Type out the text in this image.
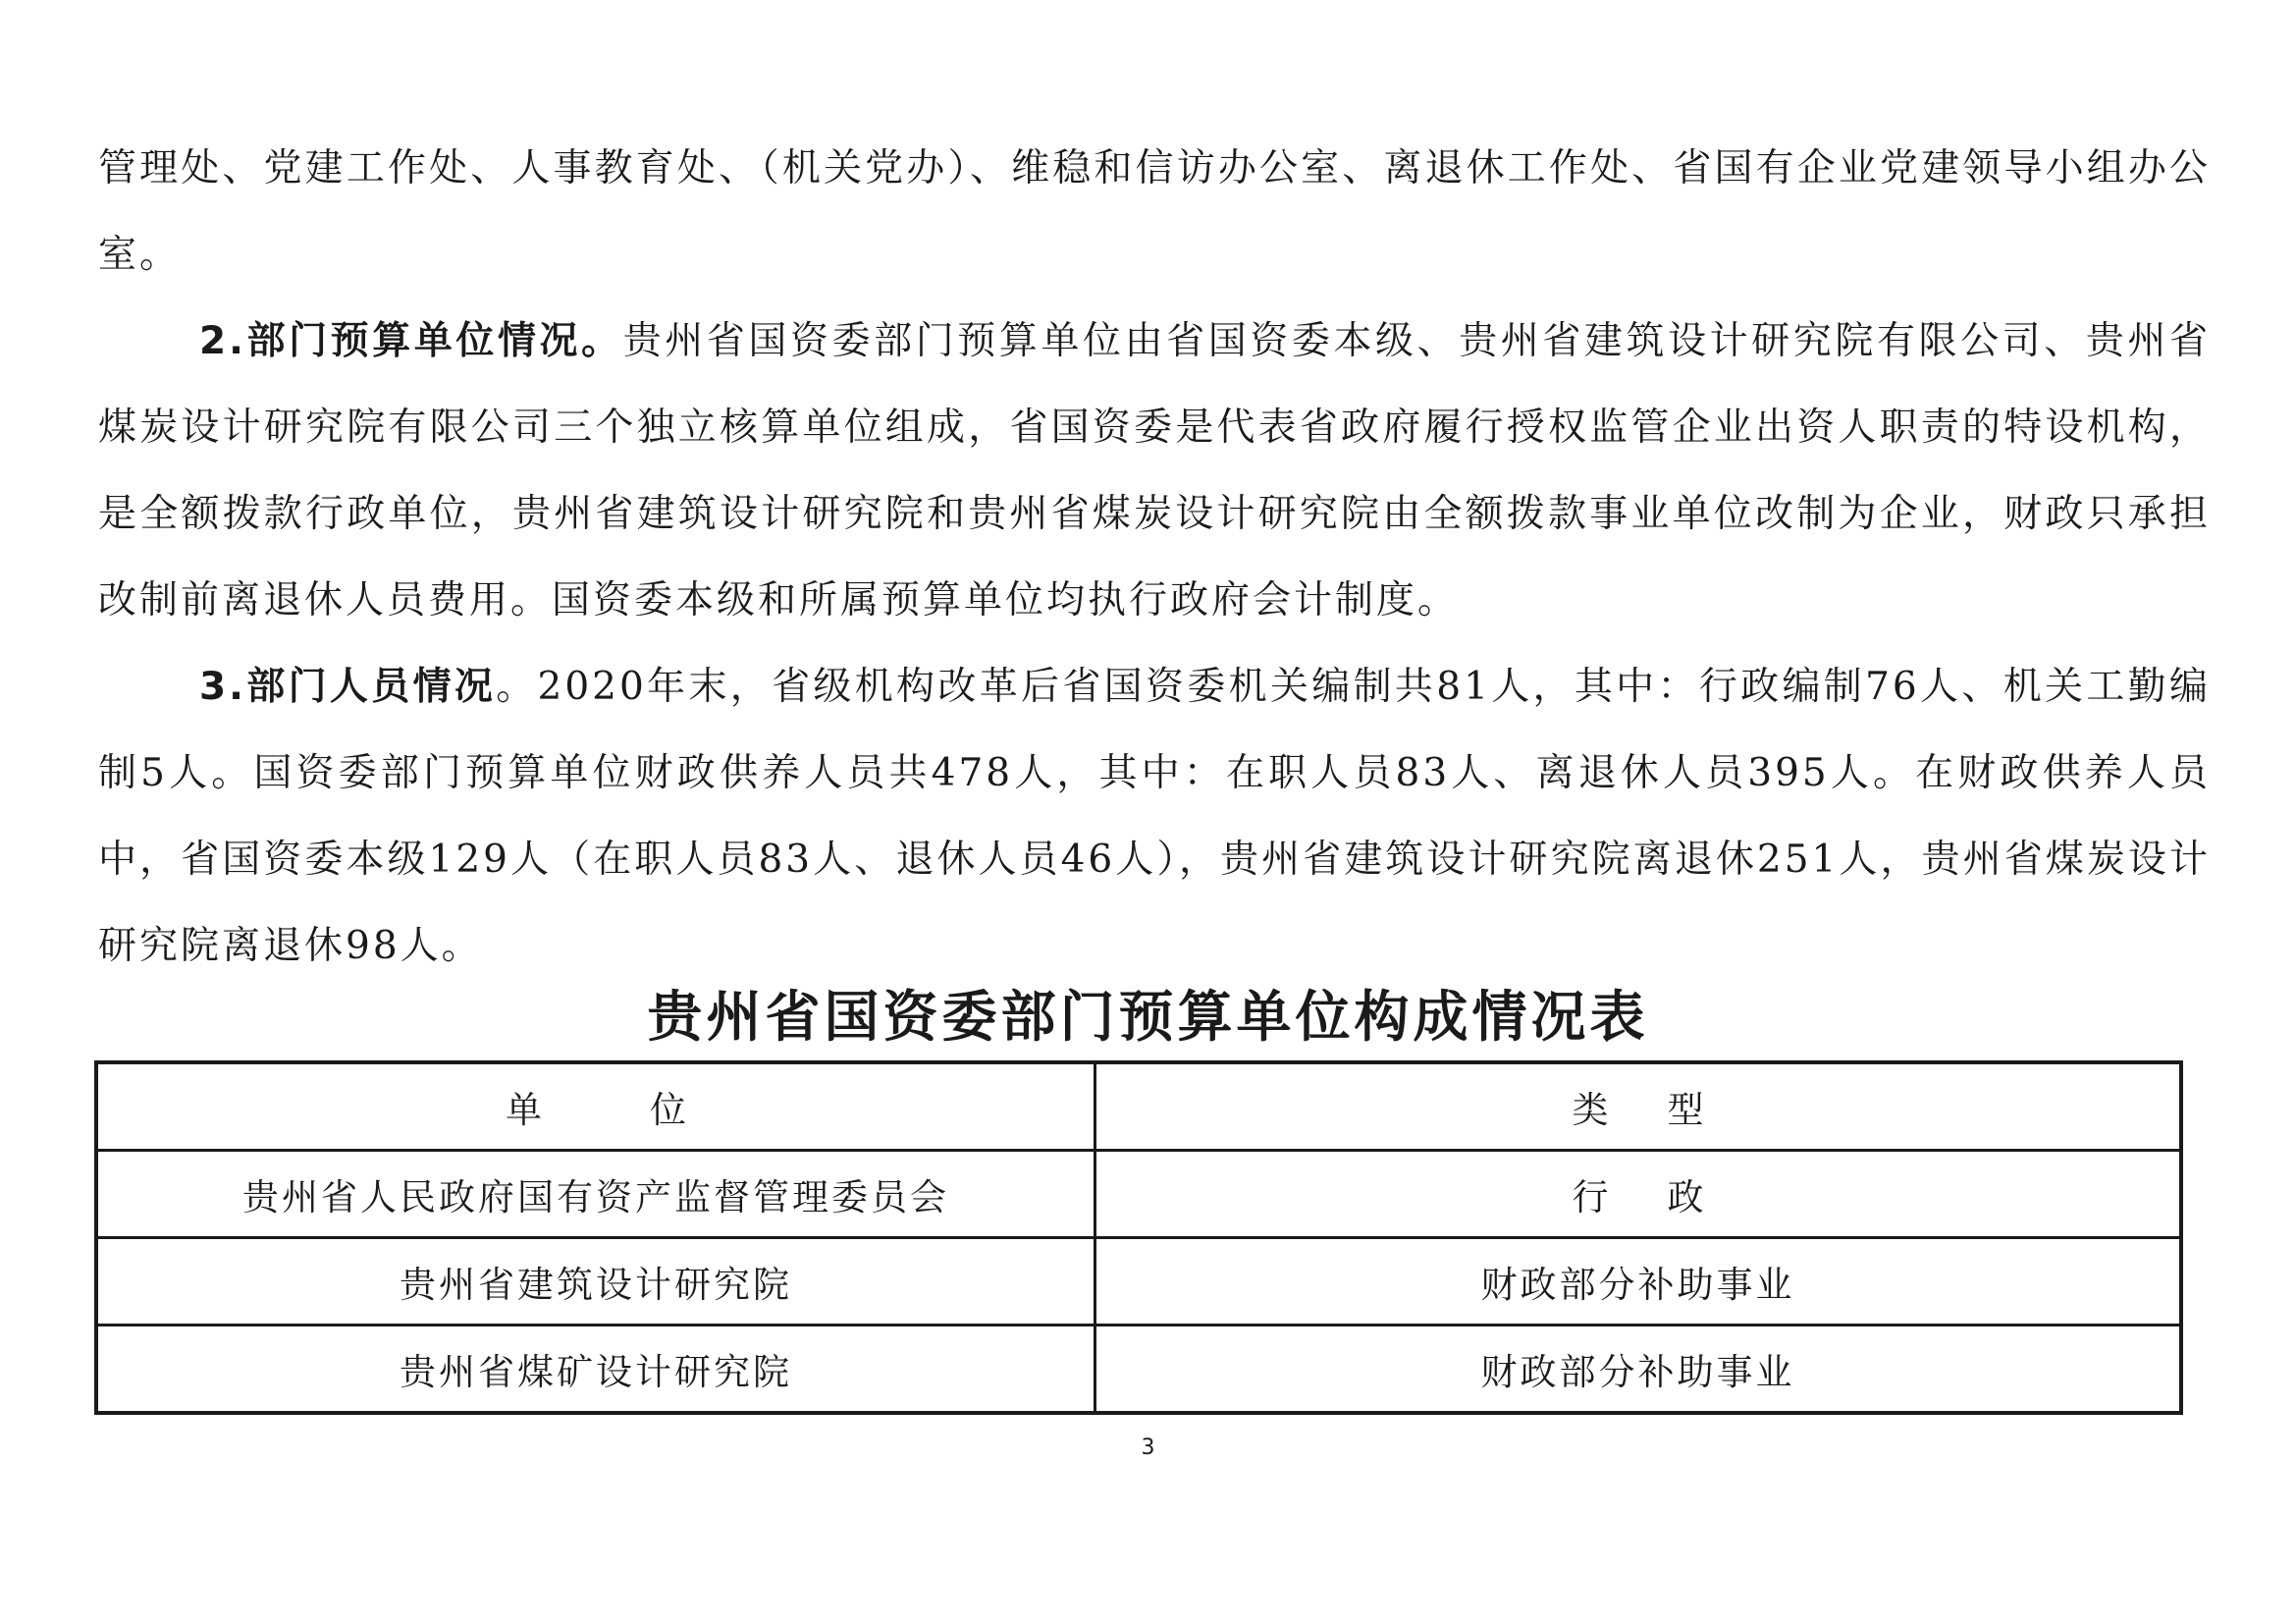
管理处、党建工作处、人事教育处、（机关党办）、维稳和信访办公室、离退休工作处、省国有企业党建领导小组办公室。

2.部门预算单位情况。贵州省国资委部门预算单位由省国资委本级、贵州省建筑设计研究院有限公司、贵州省煤炭设计研究院有限公司三个独立核算单位组成，省国资委是代表省政府履行授权监管企业出资人职责的特设机构，是全额拨款行政单位，贵州省建筑设计研究院和贵州省煤炭设计研究院由全额拨款事业单位改制为企业，财政只承担改制前离退休人员费用。国资委本级和所属预算单位均执行政府会计制度。

3.部门人员情况。2020年末，省级机构改革后省国资委机关编制共81人，其中：行政编制76人、机关工勤编制5人。国资委部门预算单位财政供养人员共478人，其中：在职人员83人、离退休人员395人。在财政供养人员中，省国资委本级129人（在职人员83人、退休人员46人），贵州省建筑设计研究院离退休251人，贵州省煤炭设计研究院离退休98人。

贵州省国资委部门预算单位构成情况表
单位	类型
贵州省人民政府国有资产监督管理委员会	行政
贵州省建筑设计研究院	财政部分补助事业
贵州省煤矿设计研究院	财政部分补助事业
3
